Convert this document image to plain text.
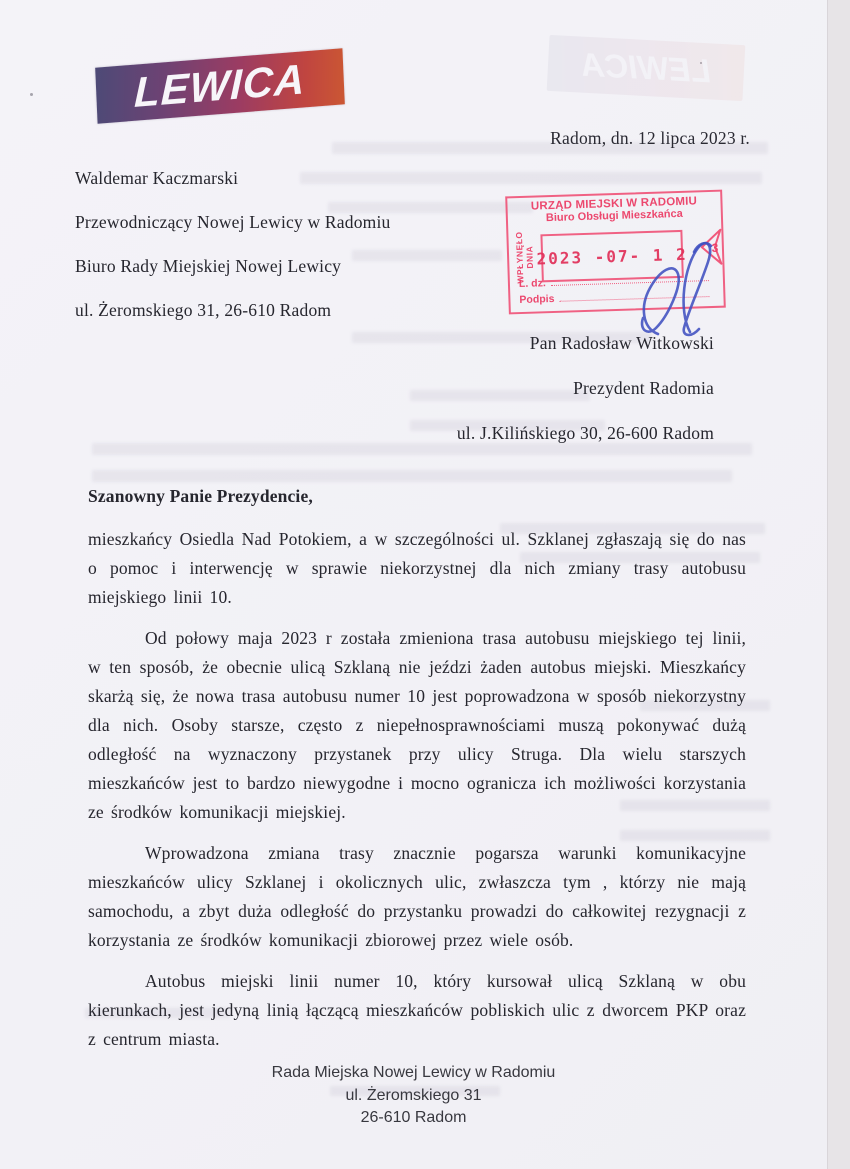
LEWICA
LEWICA
Radom, dn. 12 lipca 2023 r.
Waldemar Kaczmarski
Przewodniczący Nowej Lewicy w Radomiu
Biuro Rady Miejskiej Nowej Lewicy
ul. Żeromskiego 31, 26-610 Radom
URZĄD MIEJSKI W RADOMIU
Biuro Obsługi Mieszkańca
WPŁYNĘŁO
DNIA 2023 -07- 1 2 3
L. dz.
Podpis
Pan Radosław Witkowski
Prezydent Radomia
ul. J.Kilińskiego 30, 26-600 Radom
Szanowny Panie Prezydencie,

mieszkańcy Osiedla Nad Potokiem, a w szczególności ul. Szklanej zgłaszają się do nas o pomoc i interwencję w sprawie niekorzystnej dla nich zmiany trasy autobusu miejskiego linii 10.

Od połowy maja 2023 r została zmieniona trasa autobusu miejskiego tej linii, w ten sposób, że obecnie ulicą Szklaną nie jeździ żaden autobus miejski. Mieszkańcy skarżą się, że nowa trasa autobusu numer 10 jest poprowadzona w sposób niekorzystny dla nich. Osoby starsze, często z niepełnosprawnościami muszą pokonywać dużą odległość na wyznaczony przystanek przy ulicy Struga. Dla wielu starszych mieszkańców jest to bardzo niewygodne i mocno ogranicza ich możliwości korzystania ze środków komunikacji miejskiej.

Wprowadzona zmiana trasy znacznie pogarsza warunki komunikacyjne mieszkańców ulicy Szklanej i okolicznych ulic, zwłaszcza tym , którzy nie mają samochodu, a zbyt duża odległość do przystanku prowadzi do całkowitej rezygnacji z korzystania ze środków komunikacji zbiorowej przez wiele osób.

Autobus miejski linii numer 10, który kursował ulicą Szklaną w obu kierunkach, jest jedyną linią łączącą mieszkańców pobliskich ulic z dworcem PKP oraz z centrum miasta.

Rada Miejska Nowej Lewicy w Radomiu
ul. Żeromskiego 31
26-610 Radom
